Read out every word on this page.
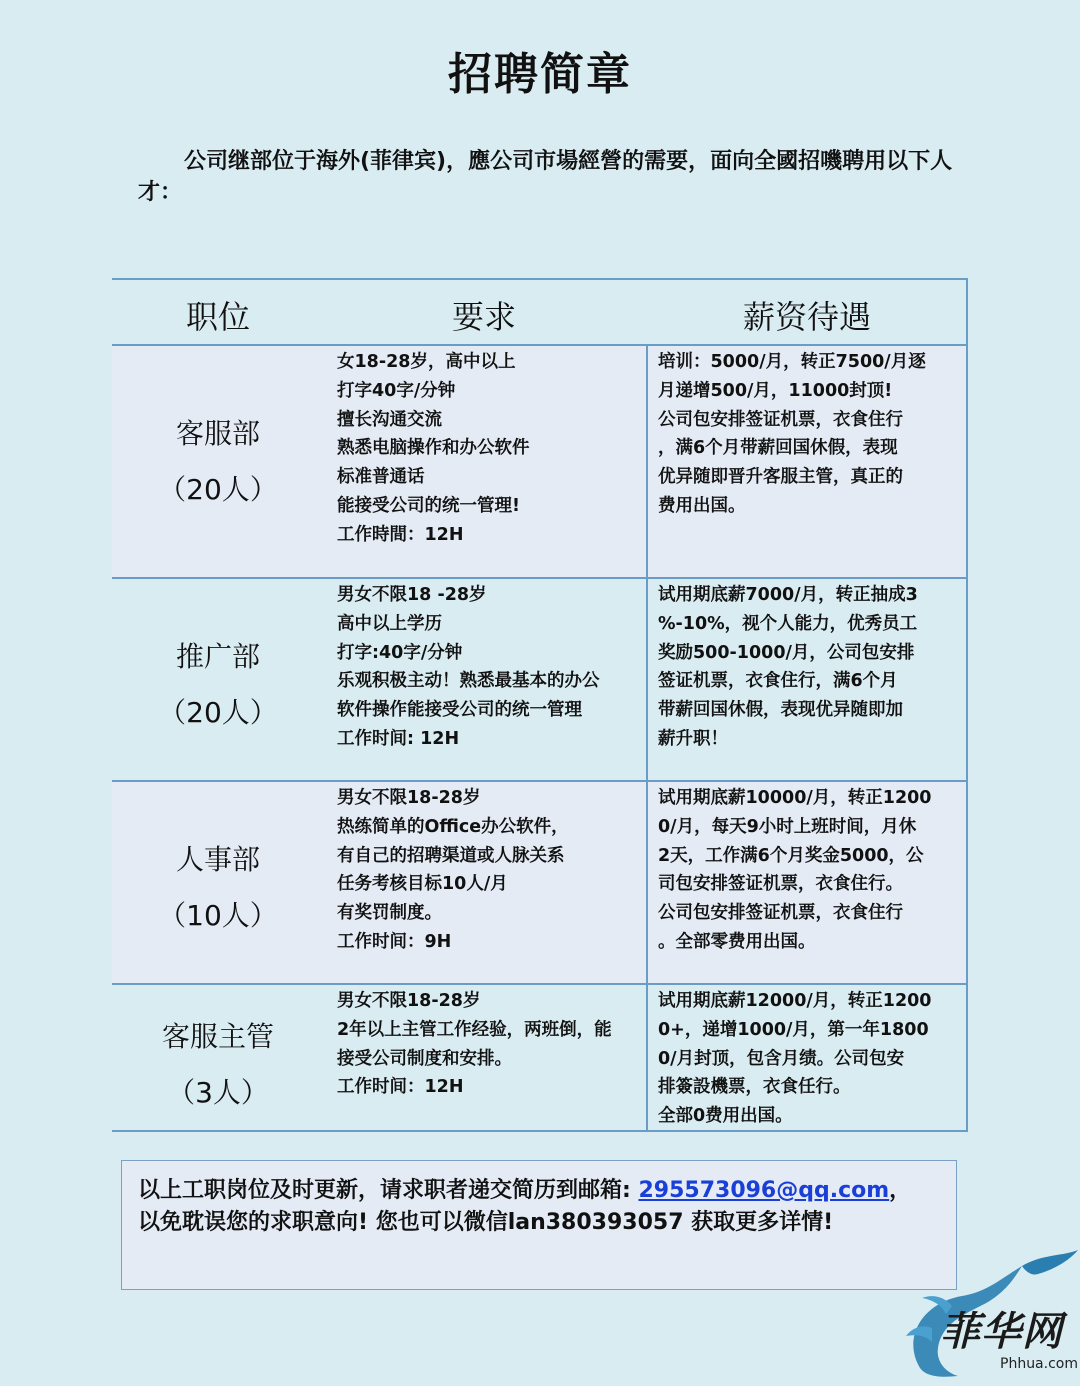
招聘简章
公司继部位于海外(菲律宾)，應公司市場經營的需要，面向全國招嘰聘用以下人才：
职位	要求	薪资待遇
客服部
（20人）
女18-28岁，高中以上
打字40字/分钟
擅长沟通交流
熟悉电脑操作和办公软件
标准普通话
能接受公司的统一管理!
工作時間：12H
培训：5000/月，转正7500/月逐
月递增500/月，11000封顶!
公司包安排签证机票，衣食住行
，满6个月带薪回国休假，表现
优异随即晋升客服主管，真正的
费用出国。
推广部
（20人）
男女不限18 -28岁
高中以上学历
打字:40字/分钟
乐观积极主动！熟悉最基本的办公
软件操作能接受公司的统一管理
工作时间: 12H
试用期底薪7000/月，转正抽成3
%-10%，视个人能力，优秀员工
奖励500-1000/月，公司包安排
签证机票，衣食住行，满6个月
带薪回国休假，表现优异随即加
薪升职！
人事部
（10人）
男女不限18-28岁
热练简单的Office办公软件，
有自己的招聘渠道或人脉关系
任务考核目标10人/月
有奖罚制度。
工作时间：9H
试用期底薪10000/月，转正1200
0/月，每天9小时上班时间，月休
2天，工作满6个月奖金5000，公
司包安排签证机票，衣食住行。
公司包安排签证机票，衣食住行
。全部零费用出国。
客服主管
（3人）
男女不限18-28岁
2年以上主管工作经验，两班倒，能
接受公司制度和安排。
工作时间：12H
试用期底薪12000/月，转正1200
0+，递增1000/月，第一年1800
0/月封顶，包含月绩。公司包安
排簽設機票，衣食任行。
全部0费用出国。
以上工职岗位及时更新，请求职者递交简历到邮箱: 295573096@qq.com，
以免耽误您的求职意向! 您也可以微信lan380393057 获取更多详情!
菲华网
Phhua.com
